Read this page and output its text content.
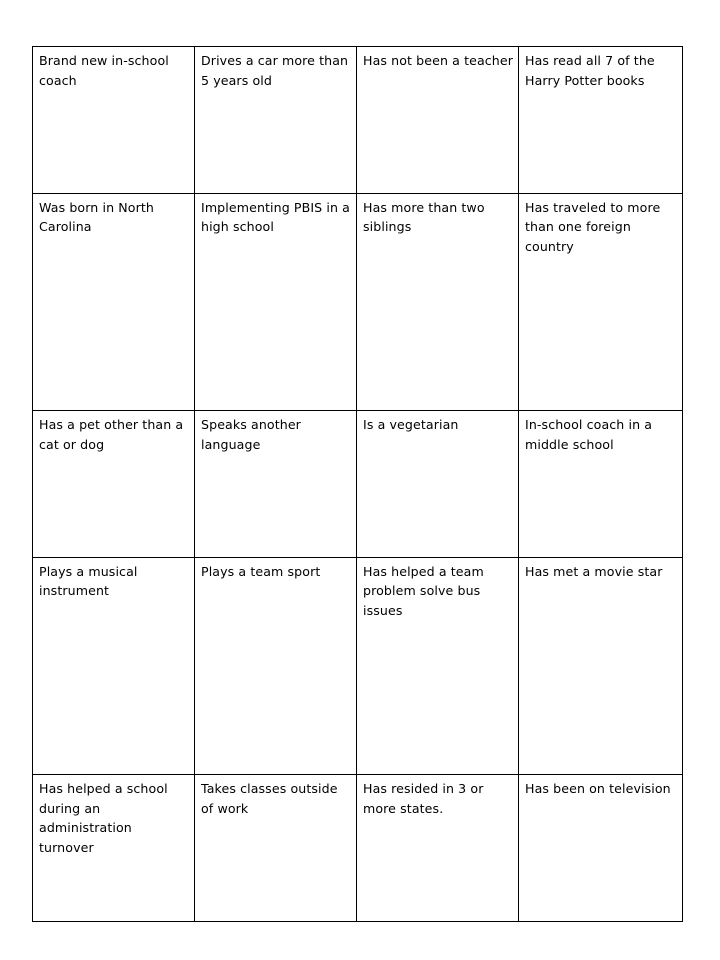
Brand new in-school coach	Drives a car more than 5 years old	Has not been a teacher	Has read all 7 of the Harry Potter books

Was born in North Carolina	Implementing PBIS in a high school	Has more than two siblings	Has traveled to more than one foreign country

Has a pet other than a cat or dog	Speaks another language	Is a vegetarian	In-school coach in a middle school

Plays a musical instrument	Plays a team sport	Has helped a team problem solve bus issues	Has met a movie star

Has helped a school during an administration turnover	Takes classes outside of work	Has resided in 3 or more states.	Has been on television
